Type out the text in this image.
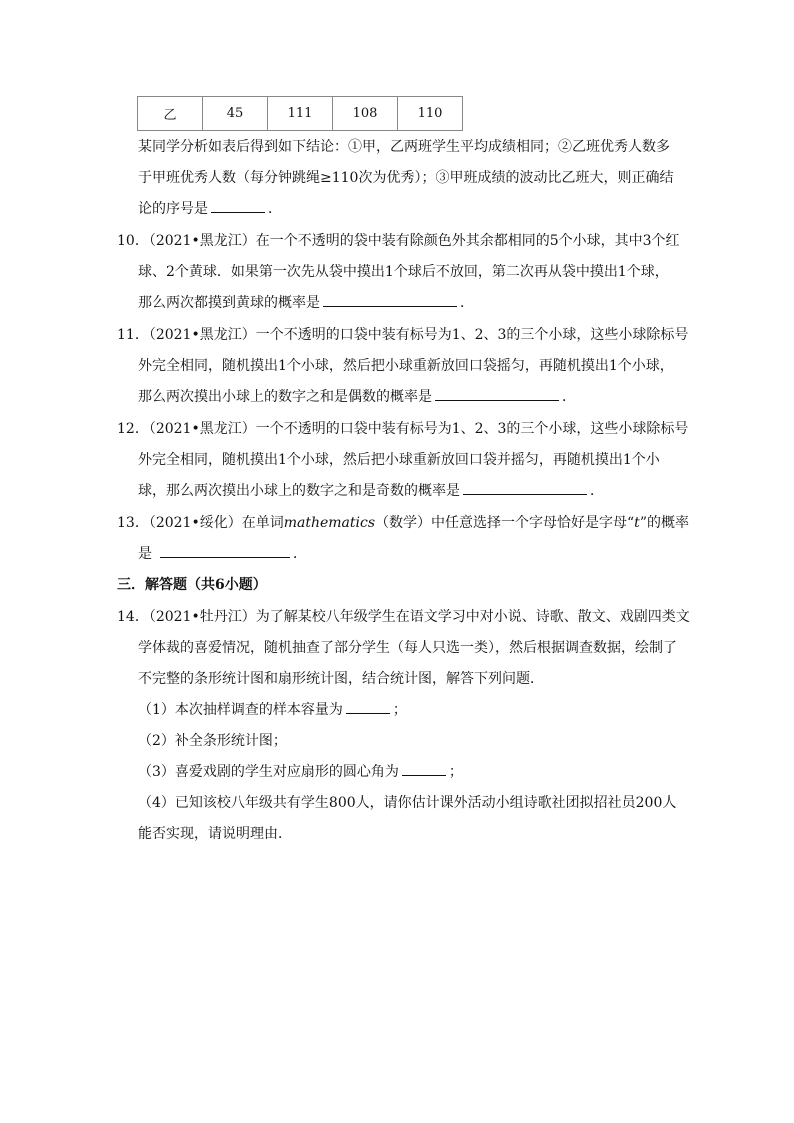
乙	45	111	108	110
某同学分析如表后得到如下结论：①甲，乙两班学生平均成绩相同；②乙班优秀人数多
于甲班优秀人数（每分钟跳绳≥110次为优秀）；③甲班成绩的波动比乙班大，则正确结
论的序号是	．
10．（2021•黑龙江）在一个不透明的袋中装有除颜色外其余都相同的5个小球，其中3个红
球、2个黄球．如果第一次先从袋中摸出1个球后不放回，第二次再从袋中摸出1个球，
那么两次都摸到黄球的概率是	．
11．（2021•黑龙江）一个不透明的口袋中装有标号为1、2、3的三个小球，这些小球除标号
外完全相同，随机摸出1个小球，然后把小球重新放回口袋摇匀，再随机摸出1个小球，
那么两次摸出小球上的数字之和是偶数的概率是	．
12．（2021•黑龙江）一个不透明的口袋中装有标号为1、2、3的三个小球，这些小球除标号
外完全相同，随机摸出1个小球，然后把小球重新放回口袋并摇匀，再随机摸出1个小
球，那么两次摸出小球上的数字之和是奇数的概率是	．
13．（2021•绥化）在单词mathematics（数学）中任意选择一个字母恰好是字母“t”的概率
是	．
三．解答题（共6小题）
14．（2021•牡丹江）为了解某校八年级学生在语文学习中对小说、诗歌、散文、戏剧四类文
学体裁的喜爱情况，随机抽查了部分学生（每人只选一类），然后根据调查数据，绘制了
不完整的条形统计图和扇形统计图，结合统计图，解答下列问题．
（1）本次抽样调查的样本容量为	；
（2）补全条形统计图；
（3）喜爱戏剧的学生对应扇形的圆心角为	；
（4）已知该校八年级共有学生800人，请你估计课外活动小组诗歌社团拟招社员200人
能否实现，请说明理由．
